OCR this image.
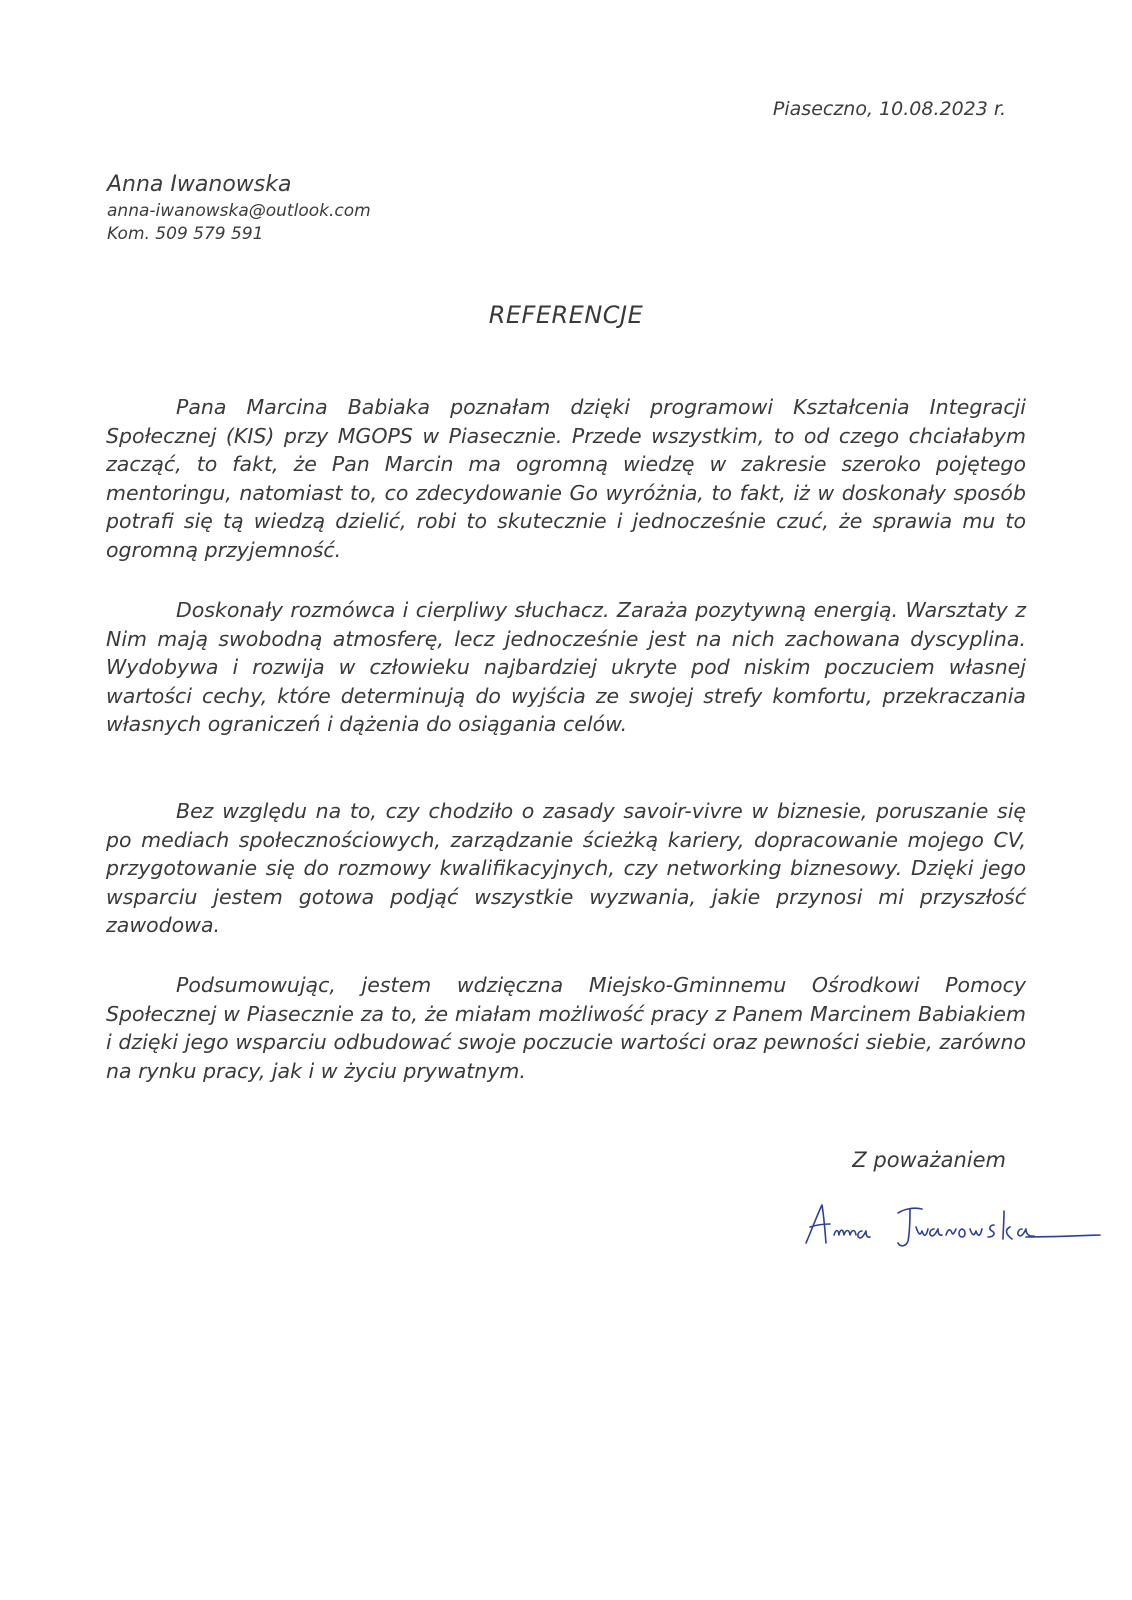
Piaseczno, 10.08.2023 r.
Anna Iwanowska
anna-iwanowska@outlook.com
Kom. 509 579 591
REFERENCJE

Pana Marcina Babiaka poznałam dzięki programowi Kształcenia Integracji Społecznej (KIS) przy MGOPS w Piasecznie. Przede wszystkim, to od czego chciałabym zacząć, to fakt, że Pan Marcin ma ogromną wiedzę w zakresie szeroko pojętego mentoringu, natomiast to, co zdecydowanie Go wyróżnia, to fakt, iż w doskonały sposób potrafi się tą wiedzą dzielić, robi to skutecznie i jednocześnie czuć, że sprawia mu to ogromną przyjemność.

Doskonały rozmówca i cierpliwy słuchacz. Zaraża pozytywną energią. Warsztaty z Nim mają swobodną atmosferę, lecz jednocześnie jest na nich zachowana dyscyplina. Wydobywa i rozwija w człowieku najbardziej ukryte pod niskim poczuciem własnej wartości cechy, które determinują do wyjścia ze swojej strefy komfortu, przekraczania własnych ograniczeń i dążenia do osiągania celów.

Bez względu na to, czy chodziło o zasady savoir-vivre w biznesie, poruszanie się po mediach społecznościowych, zarządzanie ścieżką kariery, dopracowanie mojego CV, przygotowanie się do rozmowy kwalifikacyjnych, czy networking biznesowy. Dzięki jego wsparciu jestem gotowa podjąć wszystkie wyzwania, jakie przynosi mi przyszłość zawodowa.

Podsumowując, jestem wdzięczna Miejsko-Gminnemu Ośrodkowi Pomocy Społecznej w Piasecznie za to, że miałam możliwość pracy z Panem Marcinem Babiakiem i dzięki jego wsparciu odbudować swoje poczucie wartości oraz pewności siebie, zarówno na rynku pracy, jak i w życiu prywatnym.

Z poważaniem
